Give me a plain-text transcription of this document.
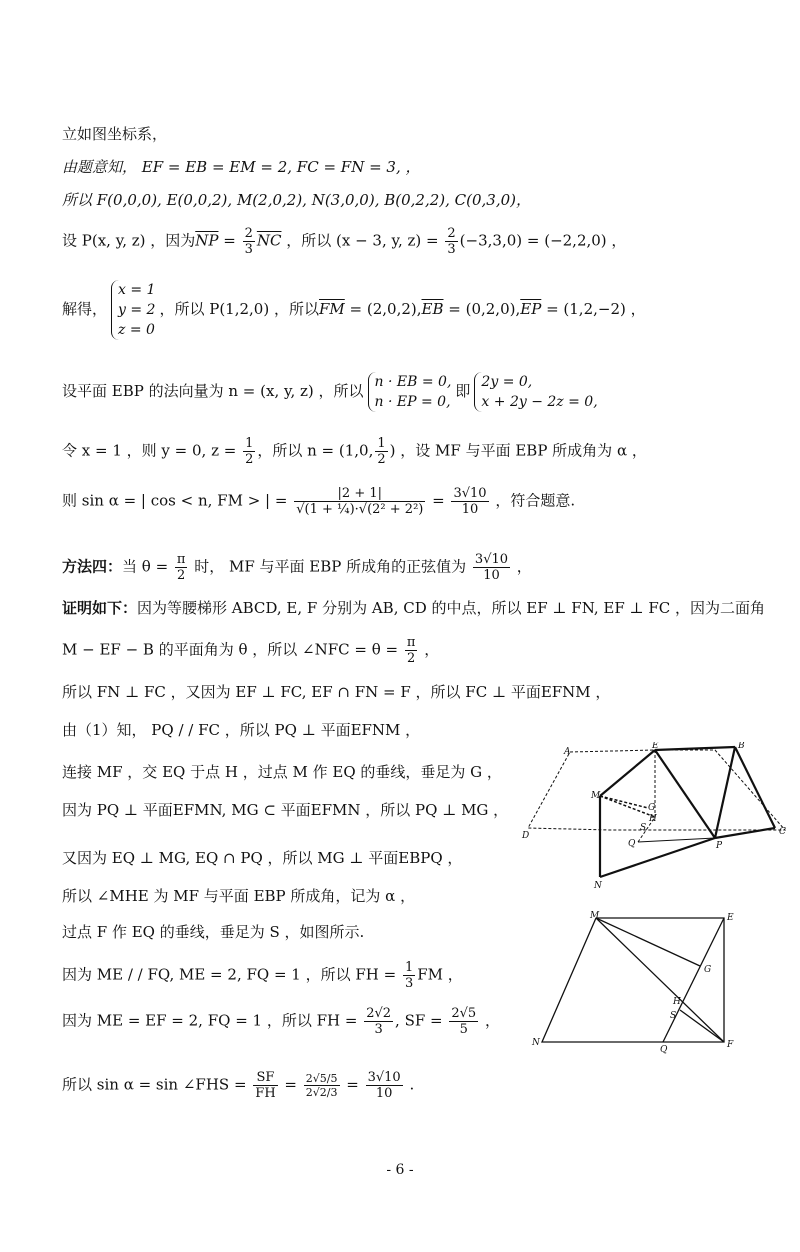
立如图坐标系，
由题意知， EF = EB = EM = 2, FC = FN = 3, ，
所以 F(0,0,0), E(0,0,2), M(2,0,2), N(3,0,0), B(0,2,2), C(0,3,0)，
设 P(x, y, z) ，因为$\overline{NP} = \frac{2}{3} \overline{NC}$ ，所以 (x − 3, y, $z) = \frac{2}{3} (-3,3,0) = (-2,2,0)$ ，
解得，
x = 1
y = 2
z = 0
，所以 P(1,2,0) ，所以$\overline{FM} = (2,0,2),\overline{EB} = (0,2,0),\overline{EP} = (1,2,-2)$ ，
设平面 EBP 的法向量为 n = (x, y, z) ，所以 n · EB = 0,
n · EP = 0,
即 2y = 0,
x + 2y − 2z = 0,
令 x = 1 ，则 y = 0, $z = \frac{1}{2}$ ，所以 n = (1,0, $\frac{1}{2}$ ) ，设 MF 与平面 EBP 所成角为 α ，
则 sin α = | cos < n, FM > | = $\frac{|2 + 1|}{\text{√(1 + ¼)·√(2² + 2²)}} = \frac{3√10}{10}$ ，符合题意.
方法四：当 $\theta = \frac{\pi}{2}$ 时， MF 与平面 EBP 所成角的正弦值为 $\frac{3√10}{10}$ ，
证明如下：因为等腰梯形 ABCD, E, F 分别为 AB, CD 的中点，所以 EF ⊥ FN, EF ⊥ FC ，因为二面角
M − EF − B 的平面角为 θ ，所以 ∠NFC = $\theta = \frac{\pi}{2}$ ，
所以 FN ⊥ FC ，又因为 EF ⊥ FC, EF ∩ FN = F ，所以 FC ⊥ 平面EFNM ，
由（1）知， PQ / / FC ，所以 PQ ⊥ 平面EFNM ，
连接 MF ，交 EQ 于点 H ，过点 M 作 EQ 的垂线，垂足为 G ，
因为 PQ ⊥ 平面EFMN, MG ⊂ 平面EFMN ，所以 PQ ⊥ MG ，
又因为 EQ ⊥ MG, EQ ∩ PQ ，所以 MG ⊥ 平面EBPQ ，
所以 ∠MHE 为 MF 与平面 EBP 所成角，记为 α ，
过点 F 作 EQ 的垂线，垂足为 S ，如图所示.
因为 ME / / FQ, ME = 2, FQ = 1 ，所以 FH = $\frac{1}{3}$ FM ，
因为 ME = EF = 2, FQ = 1 ，所以 FH = $\frac{2√2}{3}$ , SF = $\frac{2√5}{5}$ ，
所以 sin α = sin ∠FHS = $\frac{SF}{FH} = \frac{2√5/5}{2√2/3} = \frac{3√10}{10}$ .
A
E	B
M
G
H
S	C
D
Q	P
N
M	E
G
H
S
N
Q	F
- 6 -
